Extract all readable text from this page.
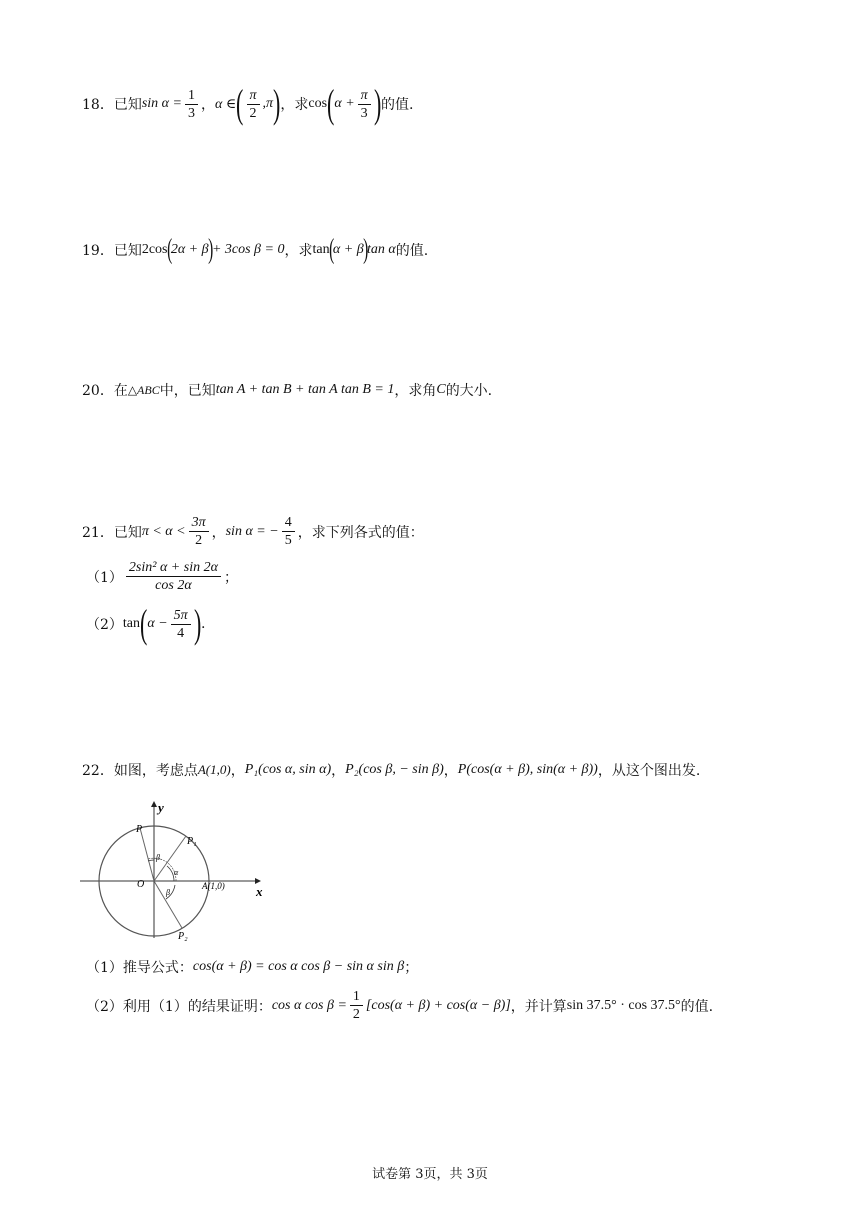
18． 已知 $\sin \alpha = \frac{1}{3}$ ， α ∈ ( $\frac{\pi}{2} ,\pi$ ) ，求 cos ( $\alpha + \frac{\pi}{3}$ ) 的值.
19． 已知 2cos ( 2α + β ) + 3cos β = 0 ，求 tan ( α + β ) tan α 的值.
20． 在 △ABC 中，已知 tan A + tan B + tan A tan B = 1 ，求角 C 的大小.
21． 已知 $\pi < \alpha < \frac{3\pi}{2}$ ， sin α = − $\frac{4}{5}$ ，求下列各式的值：
$(1) \frac{\text{2sin² α + sin 2α}}{\cos 2\alpha}$ ；
（2） tan ( $\alpha - \frac{5\pi}{4}$ ) .
22． 如图，考虑点 A(1,0) ， P₁(cos α, sin α) ， P₂(cos β, − sin β) ， P(cos(α + β), sin(α + β)) ，从这个图出发.
y
x
O
P
P₁
P₂
A(1,0)
α
β
β
（1）推导公式： cos(α + β) = cos α cos β − sin α sin β ；
（2）利用（1）的结果证明： cos α $\cos \beta = \frac{1}{2} [\cos(\alpha + \beta) + \cos(\alpha - \beta)]$ ，并计算 sin 37.5° · cos 37.5° 的值.
试卷第 3页，共 3页
